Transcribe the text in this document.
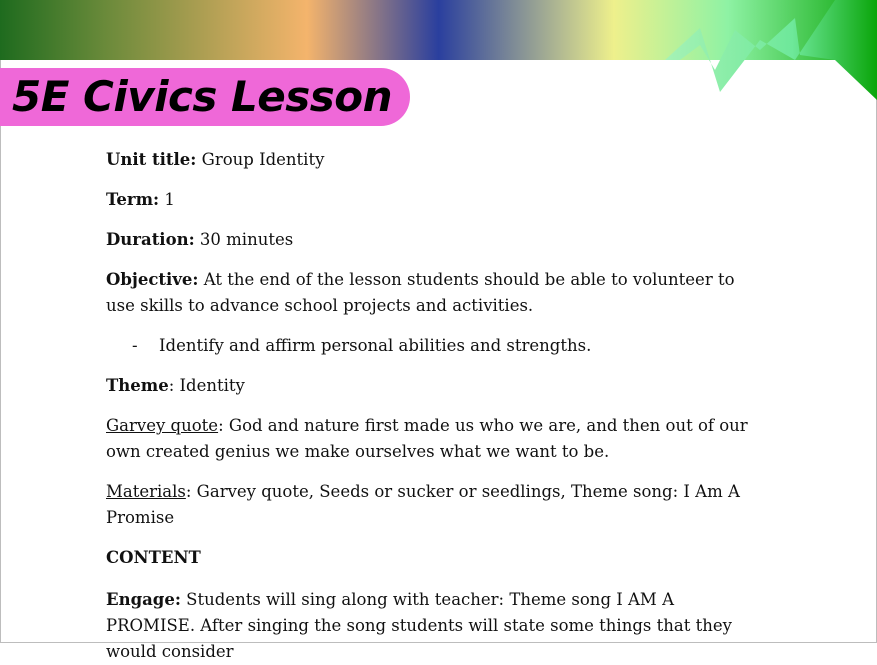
5E Civics Lesson

Unit title: Group Identity

Term: 1

Duration: 30 minutes

Objective: At the end of the lesson students should be able to volunteer to use skills to advance school projects and activities.

-	Identify and affirm personal abilities and strengths.

Theme: Identity

Garvey quote: God and nature first made us who we are, and then out of our own created genius we make ourselves what we want to be.

Materials: Garvey quote, Seeds or sucker or seedlings, Theme song: I Am A Promise

CONTENT

Engage: Students will sing along with teacher: Theme song I AM A PROMISE. After singing the song students will state some things that they would consider
